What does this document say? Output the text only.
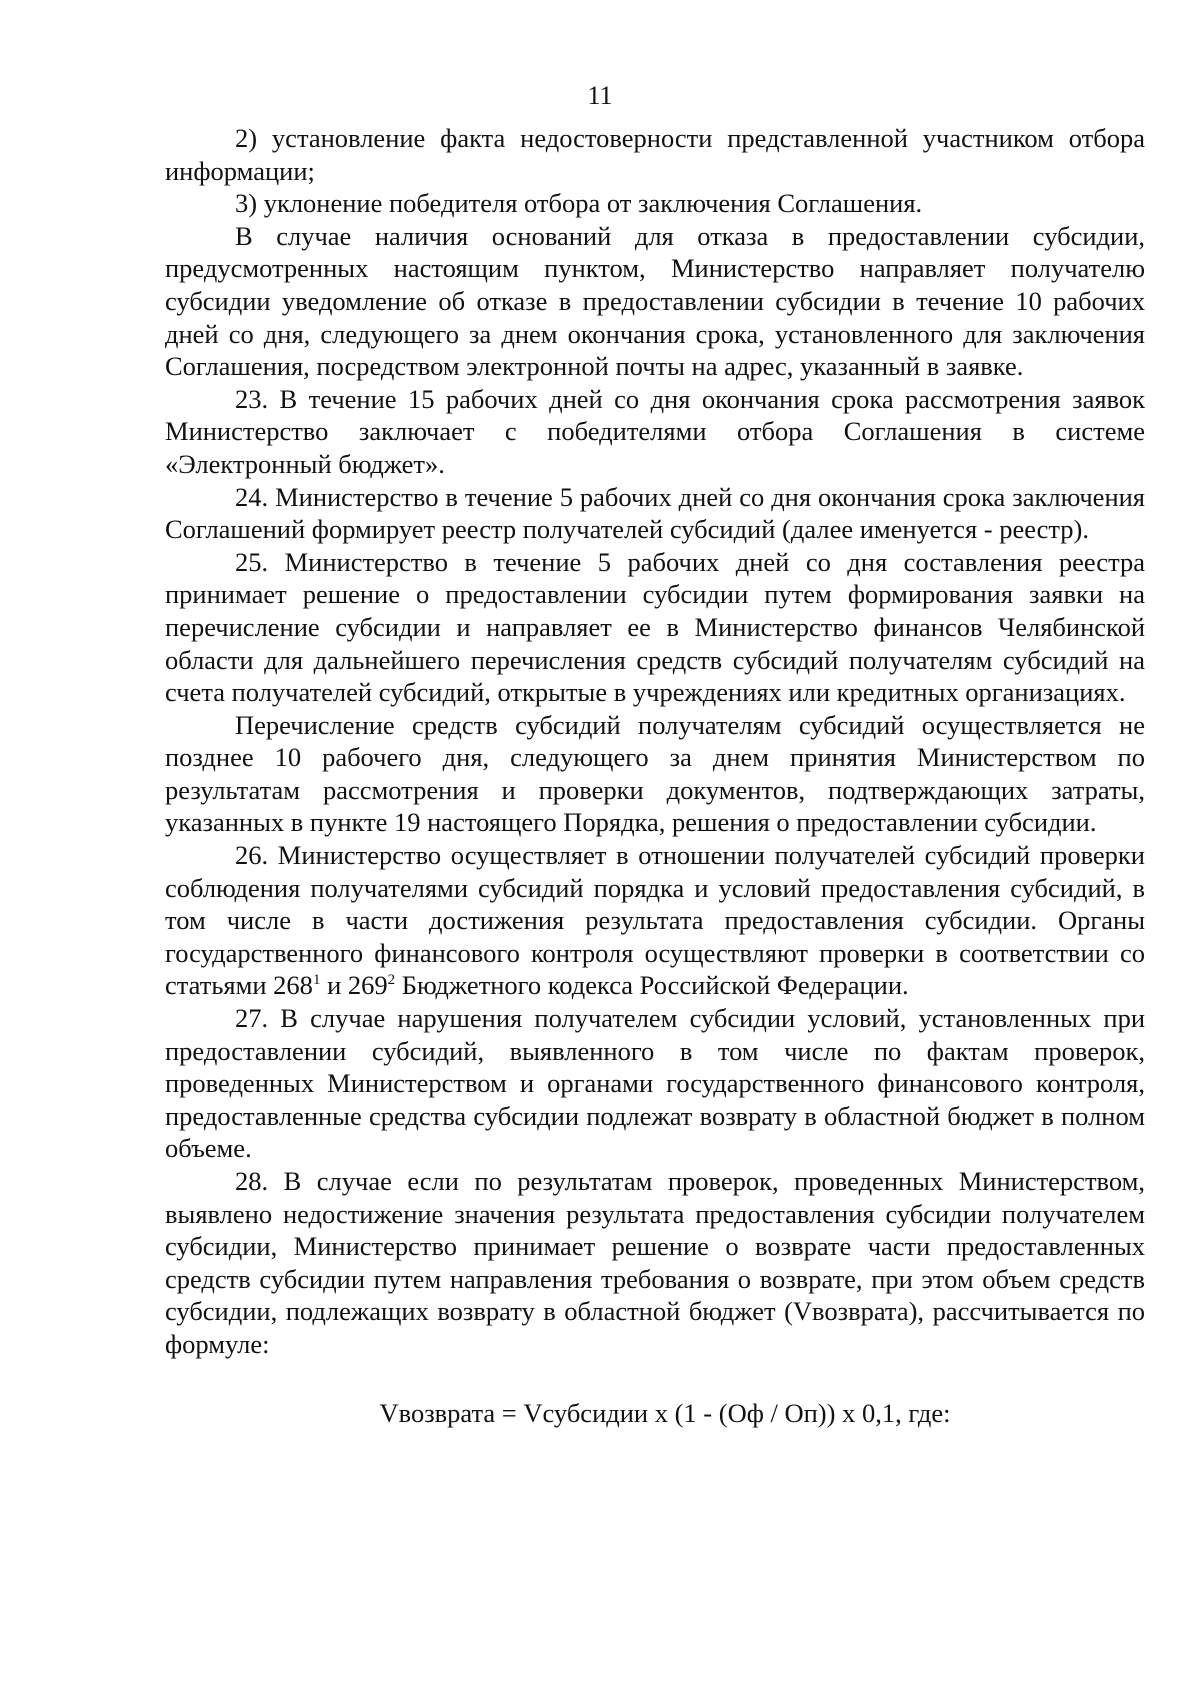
11

2) установление факта недостоверности представленной участником отбора информации;

3) уклонение победителя отбора от заключения Соглашения.

В случае наличия оснований для отказа в предоставлении субсидии, предусмотренных настоящим пунктом, Министерство направляет получателю субсидии уведомление об отказе в предоставлении субсидии в течение 10 рабочих дней со дня, следующего за днем окончания срока, установленного для заключения Соглашения, посредством электронной почты на адрес, указанный в заявке.

23. В течение 15 рабочих дней со дня окончания срока рассмотрения заявок Министерство заключает с победителями отбора Соглашения в системе «Электронный бюджет».

24. Министерство в течение 5 рабочих дней со дня окончания срока заключения Соглашений формирует реестр получателей субсидий (далее именуется - реестр).

25. Министерство в течение 5 рабочих дней со дня составления реестра принимает решение о предоставлении субсидии путем формирования заявки на перечисление субсидии и направляет ее в Министерство финансов Челябинской области для дальнейшего перечисления средств субсидий получателям субсидий на счета получателей субсидий, открытые в учреждениях или кредитных организациях.

Перечисление средств субсидий получателям субсидий осуществляется не позднее 10 рабочего дня, следующего за днем принятия Министерством по результатам рассмотрения и проверки документов, подтверждающих затраты, указанных в пункте 19 настоящего Порядка, решения о предоставлении субсидии.

26. Министерство осуществляет в отношении получателей субсидий проверки соблюдения получателями субсидий порядка и условий предоставления субсидий, в том числе в части достижения результата предоставления субсидии. Органы государственного финансового контроля осуществляют проверки в соответствии со статьями $268^1$ и $269^2$ Бюджетного кодекса Российской Федерации.

27. В случае нарушения получателем субсидии условий, установленных при предоставлении субсидий, выявленного в том числе по фактам проверок, проведенных Министерством и органами государственного финансового контроля, предоставленные средства субсидии подлежат возврату в областной бюджет в полном объеме.

28. В случае если по результатам проверок, проведенных Министерством, выявлено недостижение значения результата предоставления субсидии получателем субсидии, Министерство принимает решение о возврате части предоставленных средств субсидии путем направления требования о возврате, при этом объем средств субсидии, подлежащих возврату в областной бюджет (Vвозврата), рассчитывается по формуле:

Vвозврата = Vсубсидии x (1 - (Оф / Оп)) x 0,1, где:
